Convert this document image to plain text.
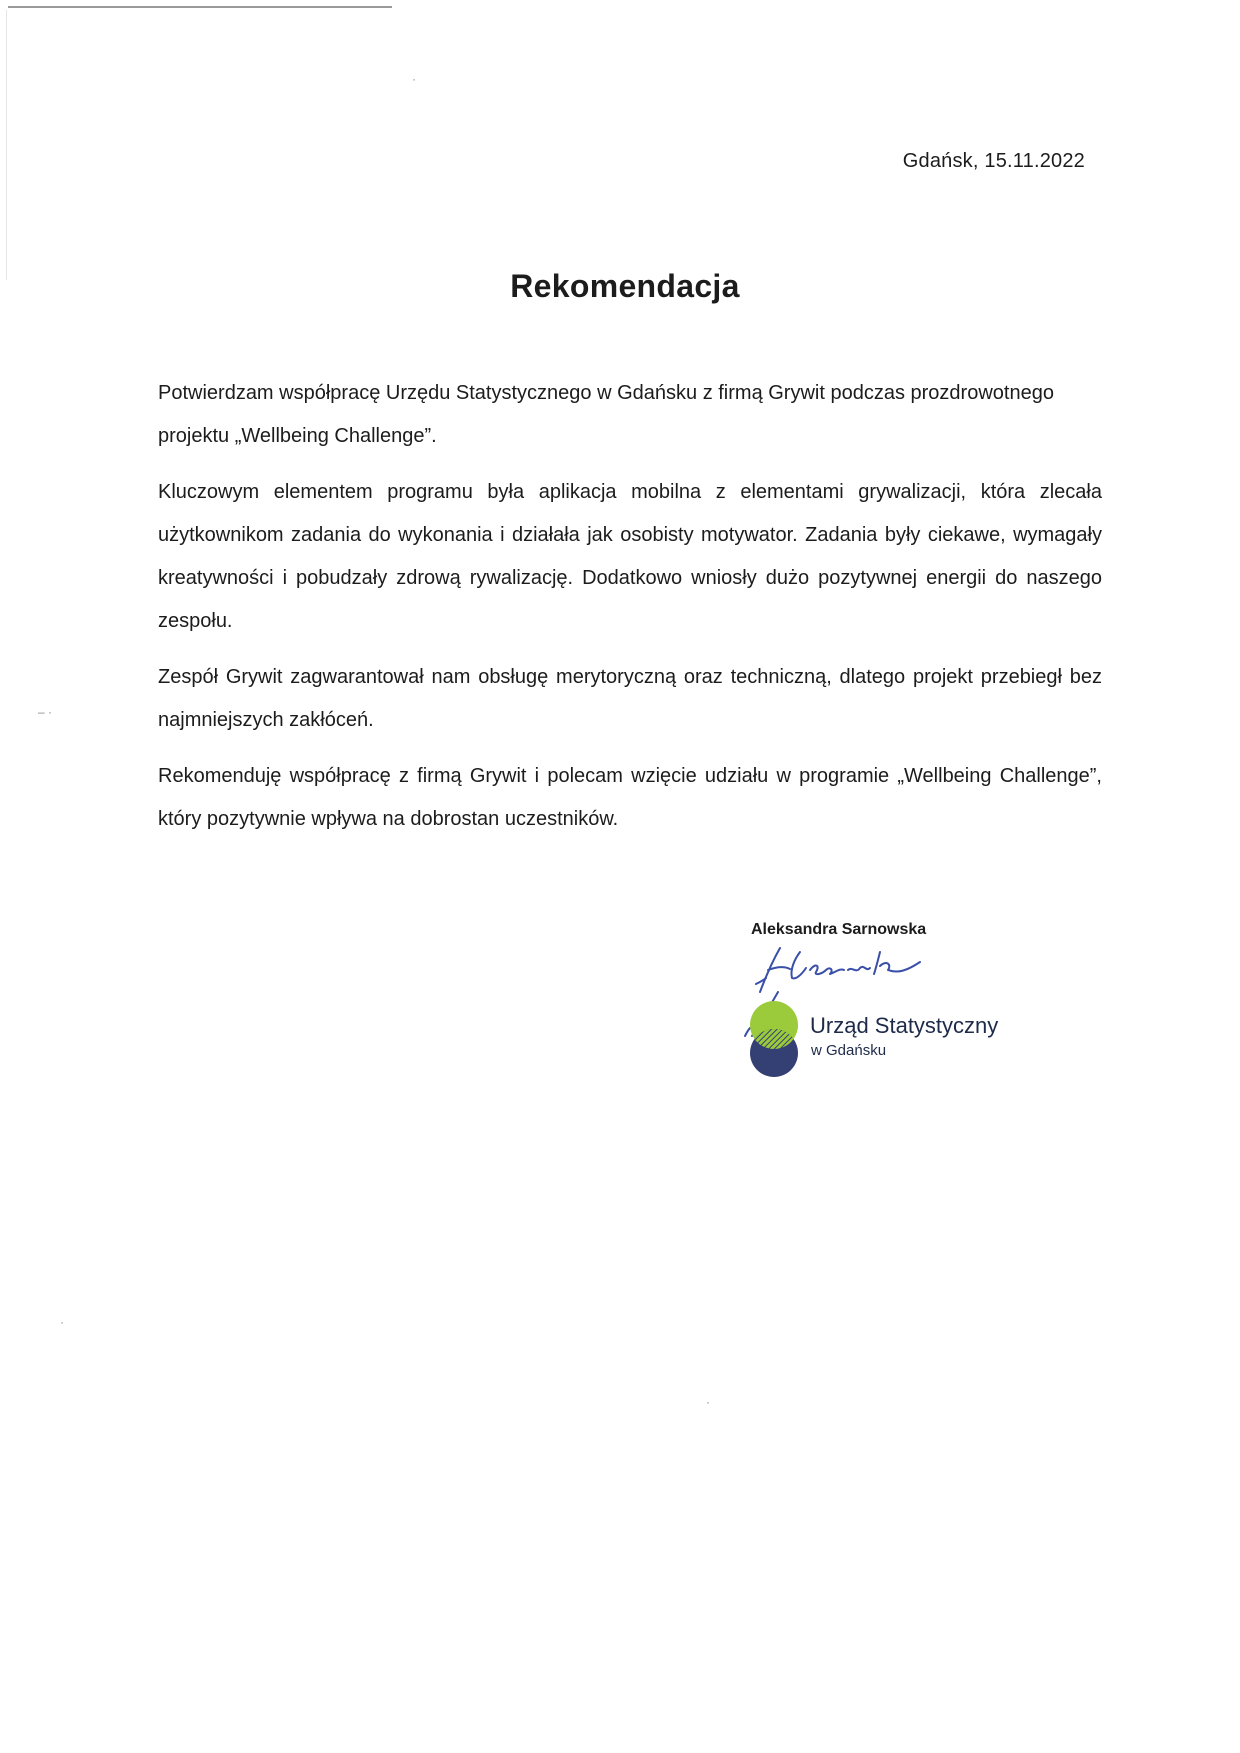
·
– ·
·
·
Gdańsk, 15.11.2022
Rekomendacja

Potwierdzam współpracę Urzędu Statystycznego w Gdańsku z firmą Grywit podczas prozdrowotnego projektu „Wellbeing Challenge”.

Kluczowym elementem programu była aplikacja mobilna z elementami grywalizacji, która zlecała użytkownikom zadania do wykonania i działała jak osobisty motywator. Zadania były ciekawe, wymagały kreatywności i pobudzały zdrową rywalizację. Dodatkowo wniosły dużo pozytywnej energii do naszego zespołu.

Zespół Grywit zagwarantował nam obsługę merytoryczną oraz techniczną, dlatego projekt przebiegł bez najmniejszych zakłóceń.

Rekomenduję współpracę z firmą Grywit i polecam wzięcie udziału w programie „Wellbeing Challenge”, który pozytywnie wpływa na dobrostan uczestników.

Aleksandra Sarnowska
Urząd Statystyczny
w Gdańsku
